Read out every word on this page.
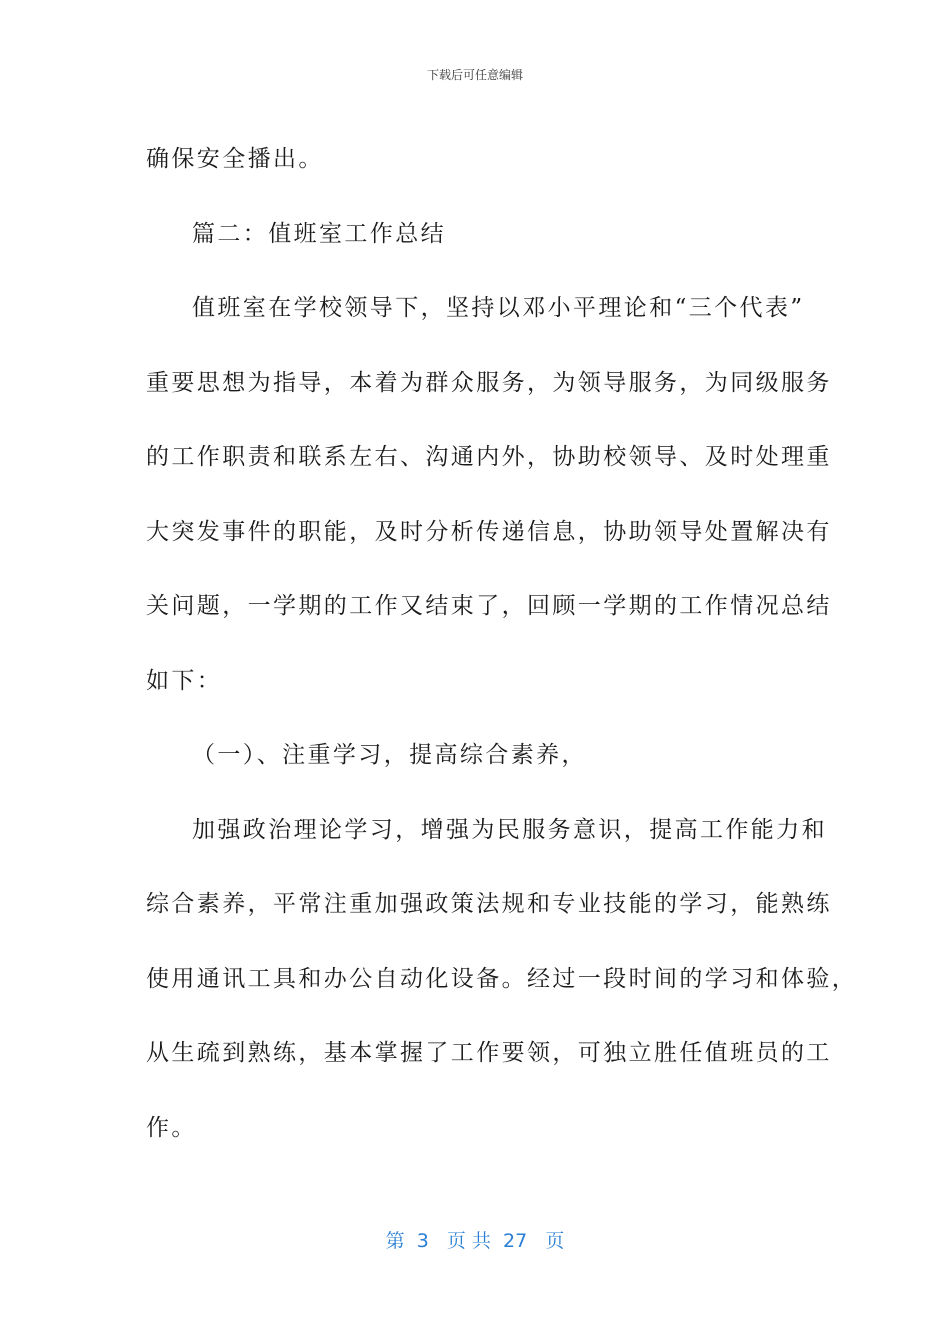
下载后可任意编辑
确保安全播出。
篇二：值班室工作总结
值班室在学校领导下，坚持以邓小平理论和“三个代表”
重要思想为指导，本着为群众服务，为领导服务，为同级服务
的工作职责和联系左右、沟通内外，协助校领导、及时处理重
大突发事件的职能，及时分析传递信息，协助领导处置解决有
关问题，一学期的工作又结束了，回顾一学期的工作情况总结
如下：
（一）、注重学习，提高综合素养，
加强政治理论学习，增强为民服务意识，提高工作能力和
综合素养，平常注重加强政策法规和专业技能的学习，能熟练
使用通讯工具和办公自动化设备。经过一段时间的学习和体验，
从生疏到熟练，基本掌握了工作要领，可独立胜任值班员的工
作。
第  3   页 共  27   页
